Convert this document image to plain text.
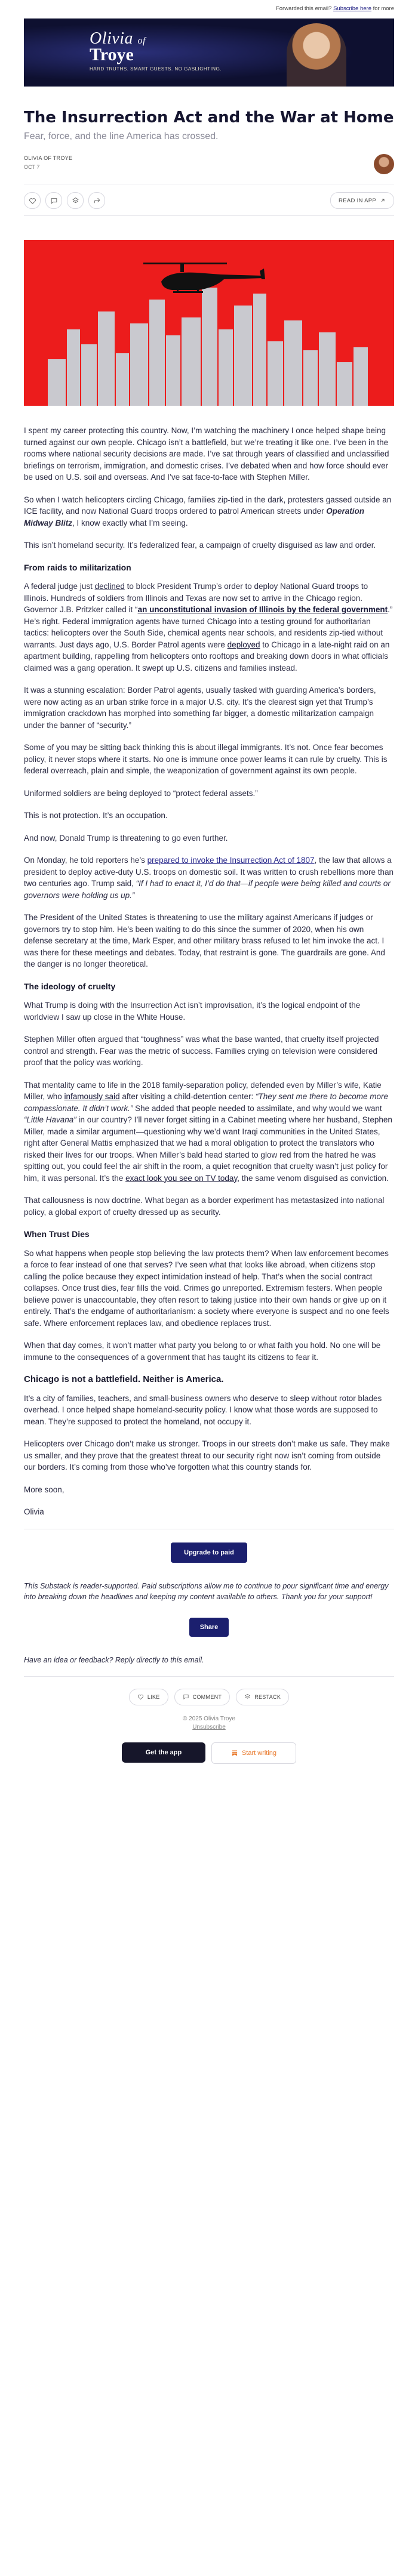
Forwarded this email? Subscribe here for more
Olivia of
Troye
HARD TRUTHS. SMART GUESTS. NO GASLIGHTING.
The Insurrection Act and the War at Home
Fear, force, and the line America has crossed.
OLIVIA OF TROYE
OCT 7
READ IN APP

I spent my career protecting this country. Now, I’m watching the machinery I once helped shape being turned against our own people. Chicago isn’t a battlefield, but we’re treating it like one. I’ve been in the rooms where national security decisions are made. I’ve sat through years of classified and unclassified briefings on terrorism, immigration, and domestic crises. I’ve debated when and how force should ever be used on U.S. soil and overseas. And I’ve sat face-to-face with Stephen Miller.

So when I watch helicopters circling Chicago, families zip-tied in the dark, protesters gassed outside an ICE facility, and now National Guard troops ordered to patrol American streets under Operation Midway Blitz, I know exactly what I’m seeing.

This isn’t homeland security. It’s federalized fear, a campaign of cruelty disguised as law and order.

From raids to militarization

A federal judge just declined to block President Trump’s order to deploy National Guard troops to Illinois. Hundreds of soldiers from Illinois and Texas are now set to arrive in the Chicago region. Governor J.B. Pritzker called it “an unconstitutional invasion of Illinois by the federal government.” He’s right. Federal immigration agents have turned Chicago into a testing ground for authoritarian tactics: helicopters over the South Side, chemical agents near schools, and residents zip-tied without warrants. Just days ago, U.S. Border Patrol agents were deployed to Chicago in a late-night raid on an apartment building, rappelling from helicopters onto rooftops and breaking down doors in what officials claimed was a gang operation. It swept up U.S. citizens and families instead.

It was a stunning escalation: Border Patrol agents, usually tasked with guarding America’s borders, were now acting as an urban strike force in a major U.S. city. It’s the clearest sign yet that Trump’s immigration crackdown has morphed into something far bigger, a domestic militarization campaign under the banner of “security.”

Some of you may be sitting back thinking this is about illegal immigrants. It’s not. Once fear becomes policy, it never stops where it starts. No one is immune once power learns it can rule by cruelty. This is federal overreach, plain and simple, the weaponization of government against its own people.

Uniformed soldiers are being deployed to “protect federal assets.”

This is not protection. It’s an occupation.

And now, Donald Trump is threatening to go even further.

On Monday, he told reporters he’s prepared to invoke the Insurrection Act of 1807, the law that allows a president to deploy active-duty U.S. troops on domestic soil. It was written to crush rebellions more than two centuries ago. Trump said, “If I had to enact it, I’d do that—if people were being killed and courts or governors were holding us up.”

The President of the United States is threatening to use the military against Americans if judges or governors try to stop him. He’s been waiting to do this since the summer of 2020, when his own defense secretary at the time, Mark Esper, and other military brass refused to let him invoke the act. I was there for these meetings and debates. Today, that restraint is gone. The guardrails are gone. And the danger is no longer theoretical.

The ideology of cruelty

What Trump is doing with the Insurrection Act isn’t improvisation, it’s the logical endpoint of the worldview I saw up close in the White House.

Stephen Miller often argued that “toughness” was what the base wanted, that cruelty itself projected control and strength. Fear was the metric of success. Families crying on television were considered proof that the policy was working.

That mentality came to life in the 2018 family-separation policy, defended even by Miller’s wife, Katie Miller, who infamously said after visiting a child-detention center: “They sent me there to become more compassionate. It didn’t work.” She added that people needed to assimilate, and why would we want “Little Havana” in our country? I’ll never forget sitting in a Cabinet meeting where her husband, Stephen Miller, made a similar argument—questioning why we’d want Iraqi communities in the United States, right after General Mattis emphasized that we had a moral obligation to protect the translators who risked their lives for our troops. When Miller’s bald head started to glow red from the hatred he was spitting out, you could feel the air shift in the room, a quiet recognition that cruelty wasn’t just policy for him, it was personal. It’s the exact look you see on TV today, the same venom disguised as conviction.

That callousness is now doctrine. What began as a border experiment has metastasized into national policy, a global export of cruelty dressed up as security.

When Trust Dies

So what happens when people stop believing the law protects them? When law enforcement becomes a force to fear instead of one that serves? I’ve seen what that looks like abroad, when citizens stop calling the police because they expect intimidation instead of help. That’s when the social contract collapses. Once trust dies, fear fills the void. Crimes go unreported. Extremism festers. When people believe power is unaccountable, they often resort to taking justice into their own hands or give up on it entirely. That’s the endgame of authoritarianism: a society where everyone is suspect and no one feels safe. Where enforcement replaces law, and obedience replaces trust.

When that day comes, it won’t matter what party you belong to or what faith you hold. No one will be immune to the consequences of a government that has taught its citizens to fear it.

Chicago is not a battlefield. Neither is America.

It’s a city of families, teachers, and small-business owners who deserve to sleep without rotor blades overhead. I once helped shape homeland-security policy. I know what those words are supposed to mean. They’re supposed to protect the homeland, not occupy it.

Helicopters over Chicago don’t make us stronger. Troops in our streets don’t make us safe. They make us smaller, and they prove that the greatest threat to our security right now isn’t coming from outside our borders. It’s coming from those who’ve forgotten what this country stands for.

More soon,

Olivia

Upgrade to paid
This Substack is reader-supported. Paid subscriptions allow me to continue to pour significant time and energy into breaking down the headlines and keeping my content available to others. Thank you for your support!
Share
Have an idea or feedback? Reply directly to this email.
LIKE	COMMENT	RESTACK
© 2025 Olivia Troye
Unsubscribe
Get the app	Start writing
